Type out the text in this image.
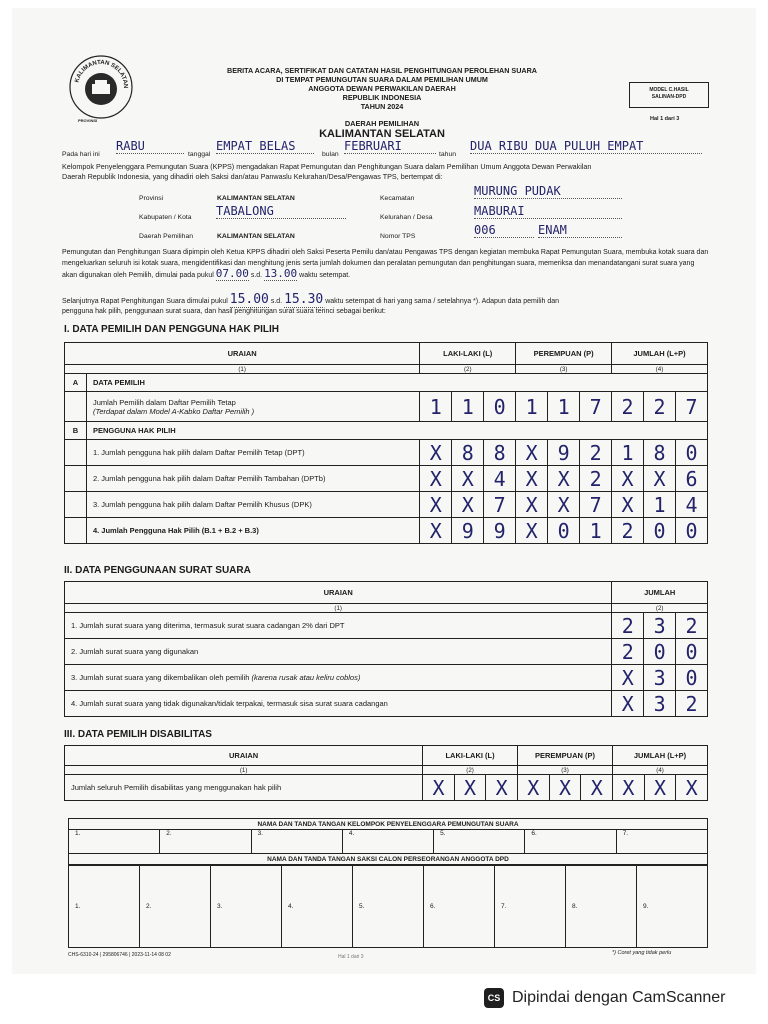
KALIMANTAN SELATAN
PROVINSI
BERITA ACARA, SERTIFIKAT DAN CATATAN HASIL PENGHITUNGAN PEROLEHAN SUARA
DI TEMPAT PEMUNGUTAN SUARA DALAM PEMILIHAN UMUM
ANGGOTA DEWAN PERWAKILAN DAERAH
REPUBLIK INDONESIA
TAHUN 2024
DAERAH PEMILIHAN
KALIMANTAN SELATAN
MODEL C.HASIL
SALINAN-DPD
Hal 1 dari 3
Pada hari ini
RABU
tanggal
EMPAT BELAS
bulan
FEBRUARI
tahun
DUA RIBU DUA PULUH EMPAT
Kelompok Penyelenggara Pemungutan Suara (KPPS) mengadakan Rapat Pemungutan dan Penghitungan Suara dalam Pemilihan Umum Anggota Dewan Perwakilan
Daerah Republik Indonesia, yang dihadiri oleh Saksi dan/atau Panwaslu Kelurahan/Desa/Pengawas TPS, bertempat di:
Provinsi	KALIMANTAN SELATAN
Kabupaten / Kota TABALONG
Daerah Pemilihan	KALIMANTAN SELATAN
Kecamatan
MURUNG PUDAK
Kelurahan / Desa	MABURAI
Nomor TPS	006	ENAM
Pemungutan dan Penghitungan Suara dipimpin oleh Ketua KPPS dihadiri oleh Saksi Peserta Pemilu dan/atau Pengawas TPS dengan kegiatan membuka Rapat Pemungutan Suara, membuka kotak suara dan mengeluarkan seluruh isi kotak suara, mengidentifikasi dan menghitung jenis serta jumlah dokumen dan peralatan pemungutan dan penghitungan suara, memeriksa dan menandatangani surat suara yang akan digunakan oleh Pemilih, dimulai pada pukul 07.00 s.d. 13.00 waktu setempat.
Selanjutnya Rapat Penghitungan Suara dimulai pukul 15.00 s.d. 15.30 waktu setempat di hari yang sama / setelahnya *). Adapun data pemilih dan
pengguna hak pilih, penggunaan surat suara, dan hasil penghitungan surat suara terinci sebagai berikut:
I. DATA PEMILIH DAN PENGGUNA HAK PILIH
URAIAN		LAKI-LAKI (L)			PEREMPUAN (P)			JUMLAH (L+P)		
(1)		(2)			(3)			(4)		
A	DATA PEMILIH									

	Jumlah Pemilih dalam Daftar Pemilih Tetap
(Terdapat dalam Model A-Kabko Daftar Pemilih )	1	1	0	1	1	7	2	2	7
B	PENGGUNA HAK PILIH									
	1. Jumlah pengguna hak pilih dalam Daftar Pemilih Tetap (DPT)	X	8	8	X	9	2	1	8	0
	2. Jumlah pengguna hak pilih dalam Daftar Pemilih Tambahan (DPTb)	X	X	4	X	X	2	X	X	6
	3. Jumlah pengguna hak pilih dalam Daftar Pemilih Khusus (DPK)	X	X	7	X	X	7	X	1	4
	4. Jumlah Pengguna Hak Pilih (B.1 + B.2 + B.3)	X	9	9	X	0	1	2	0	0
II. DATA PENGGUNAAN SURAT SUARA
URAIAN	JUMLAH		
(1)	(2)		
1. Jumlah surat suara yang diterima, termasuk surat suara cadangan 2% dari DPT	2	3	2
2. Jumlah surat suara yang digunakan	2	0	0
3. Jumlah surat suara yang dikembalikan oleh pemilih (karena rusak atau keliru coblos)	X	3	0
4. Jumlah surat suara yang tidak digunakan/tidak terpakai, termasuk sisa surat suara cadangan	X	3	2
III. DATA PEMILIH DISABILITAS
URAIAN	LAKI-LAKI (L)			PEREMPUAN (P)			JUMLAH (L+P)		
(1)	(2)			(3)			(4)		
Jumlah seluruh Pemilih disabilitas yang menggunakan hak pilih	X	X	X	X	X	X	X	X	X
NAMA DAN TANDA TANGAN KELOMPOK PENYELENGGARA PEMUNGUTAN SUARA
1.	2.	3.	4.	5.	6.	7.
NAMA DAN TANDA TANGAN SAKSI CALON PERSEORANGAN ANGGOTA DPD
1.	2.	3.	4.	5.	6.	7.	8.	9.
CHS-6310-24 | 295806746 | 2023-11-14 08 02	Hal 1 dari 3
*) Coret yang tidak perlu
CS Dipindai dengan CamScanner
